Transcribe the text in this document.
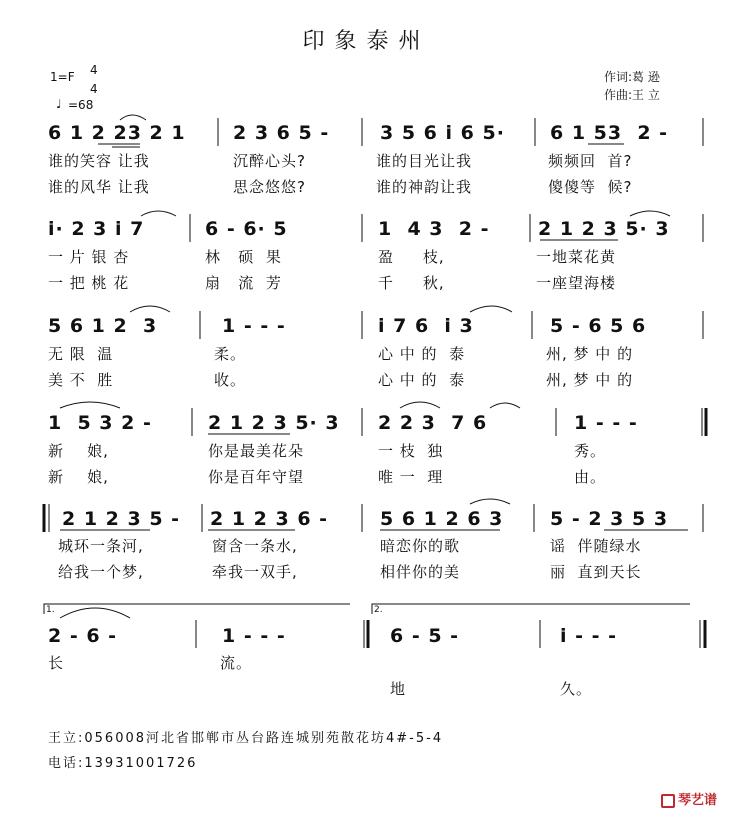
印象泰州
1=F 4
4
♩ =68
作词:葛 逊
作曲:王 立
6 1 2 23 2 1 2 3 6 5 -	3 5 6 i 6 5· 6 1 53  2 -
谁的笑容 让我	沉醉心头?	谁的目光让我	频频回  首?
谁的风华 让我	思念悠悠?	谁的神韵让我	傻傻等  候?
i· 2 3 i 7	6 - 6· 5	1  4 3  2 -	2 1 2 3 5· 3
一 片 银 杏	林   硕  果	盈     枝,	一地菜花黄
一 把 桃 花	扇   流  芳	千     秋,	一座望海楼
5 6 1 2  3	1 - - -	i 7 6  i 3	5 - 6 5 6
无 限  温	柔。	心 中 的  泰	州, 梦 中 的
美 不  胜	收。	心 中 的  泰	州, 梦 中 的
1  5 3 2 -	2 1 2 3 5· 3 2 2 3  7 6	1 - - -
新    娘,	你是最美花朵	一 枝  独	秀。
新    娘,	你是百年守望	唯 一  理	由。
2 1 2 3 5 - 2 1 2 3 6 -	5 6 1 2 6 3 5 - 2 3 5 3
城环一条河,	窗含一条水,	暗恋你的歌	谣  伴随绿水
给我一个梦,	牵我一双手,	相伴你的美	丽  直到天长
1.	2.
2 - 6 -	1 - - -	6 - 5 -	i - - -
长	流。
地	久。
王立:056008河北省邯郸市丛台路连城别苑散花坊4#-5-4
电话:13931001726
琴艺谱
